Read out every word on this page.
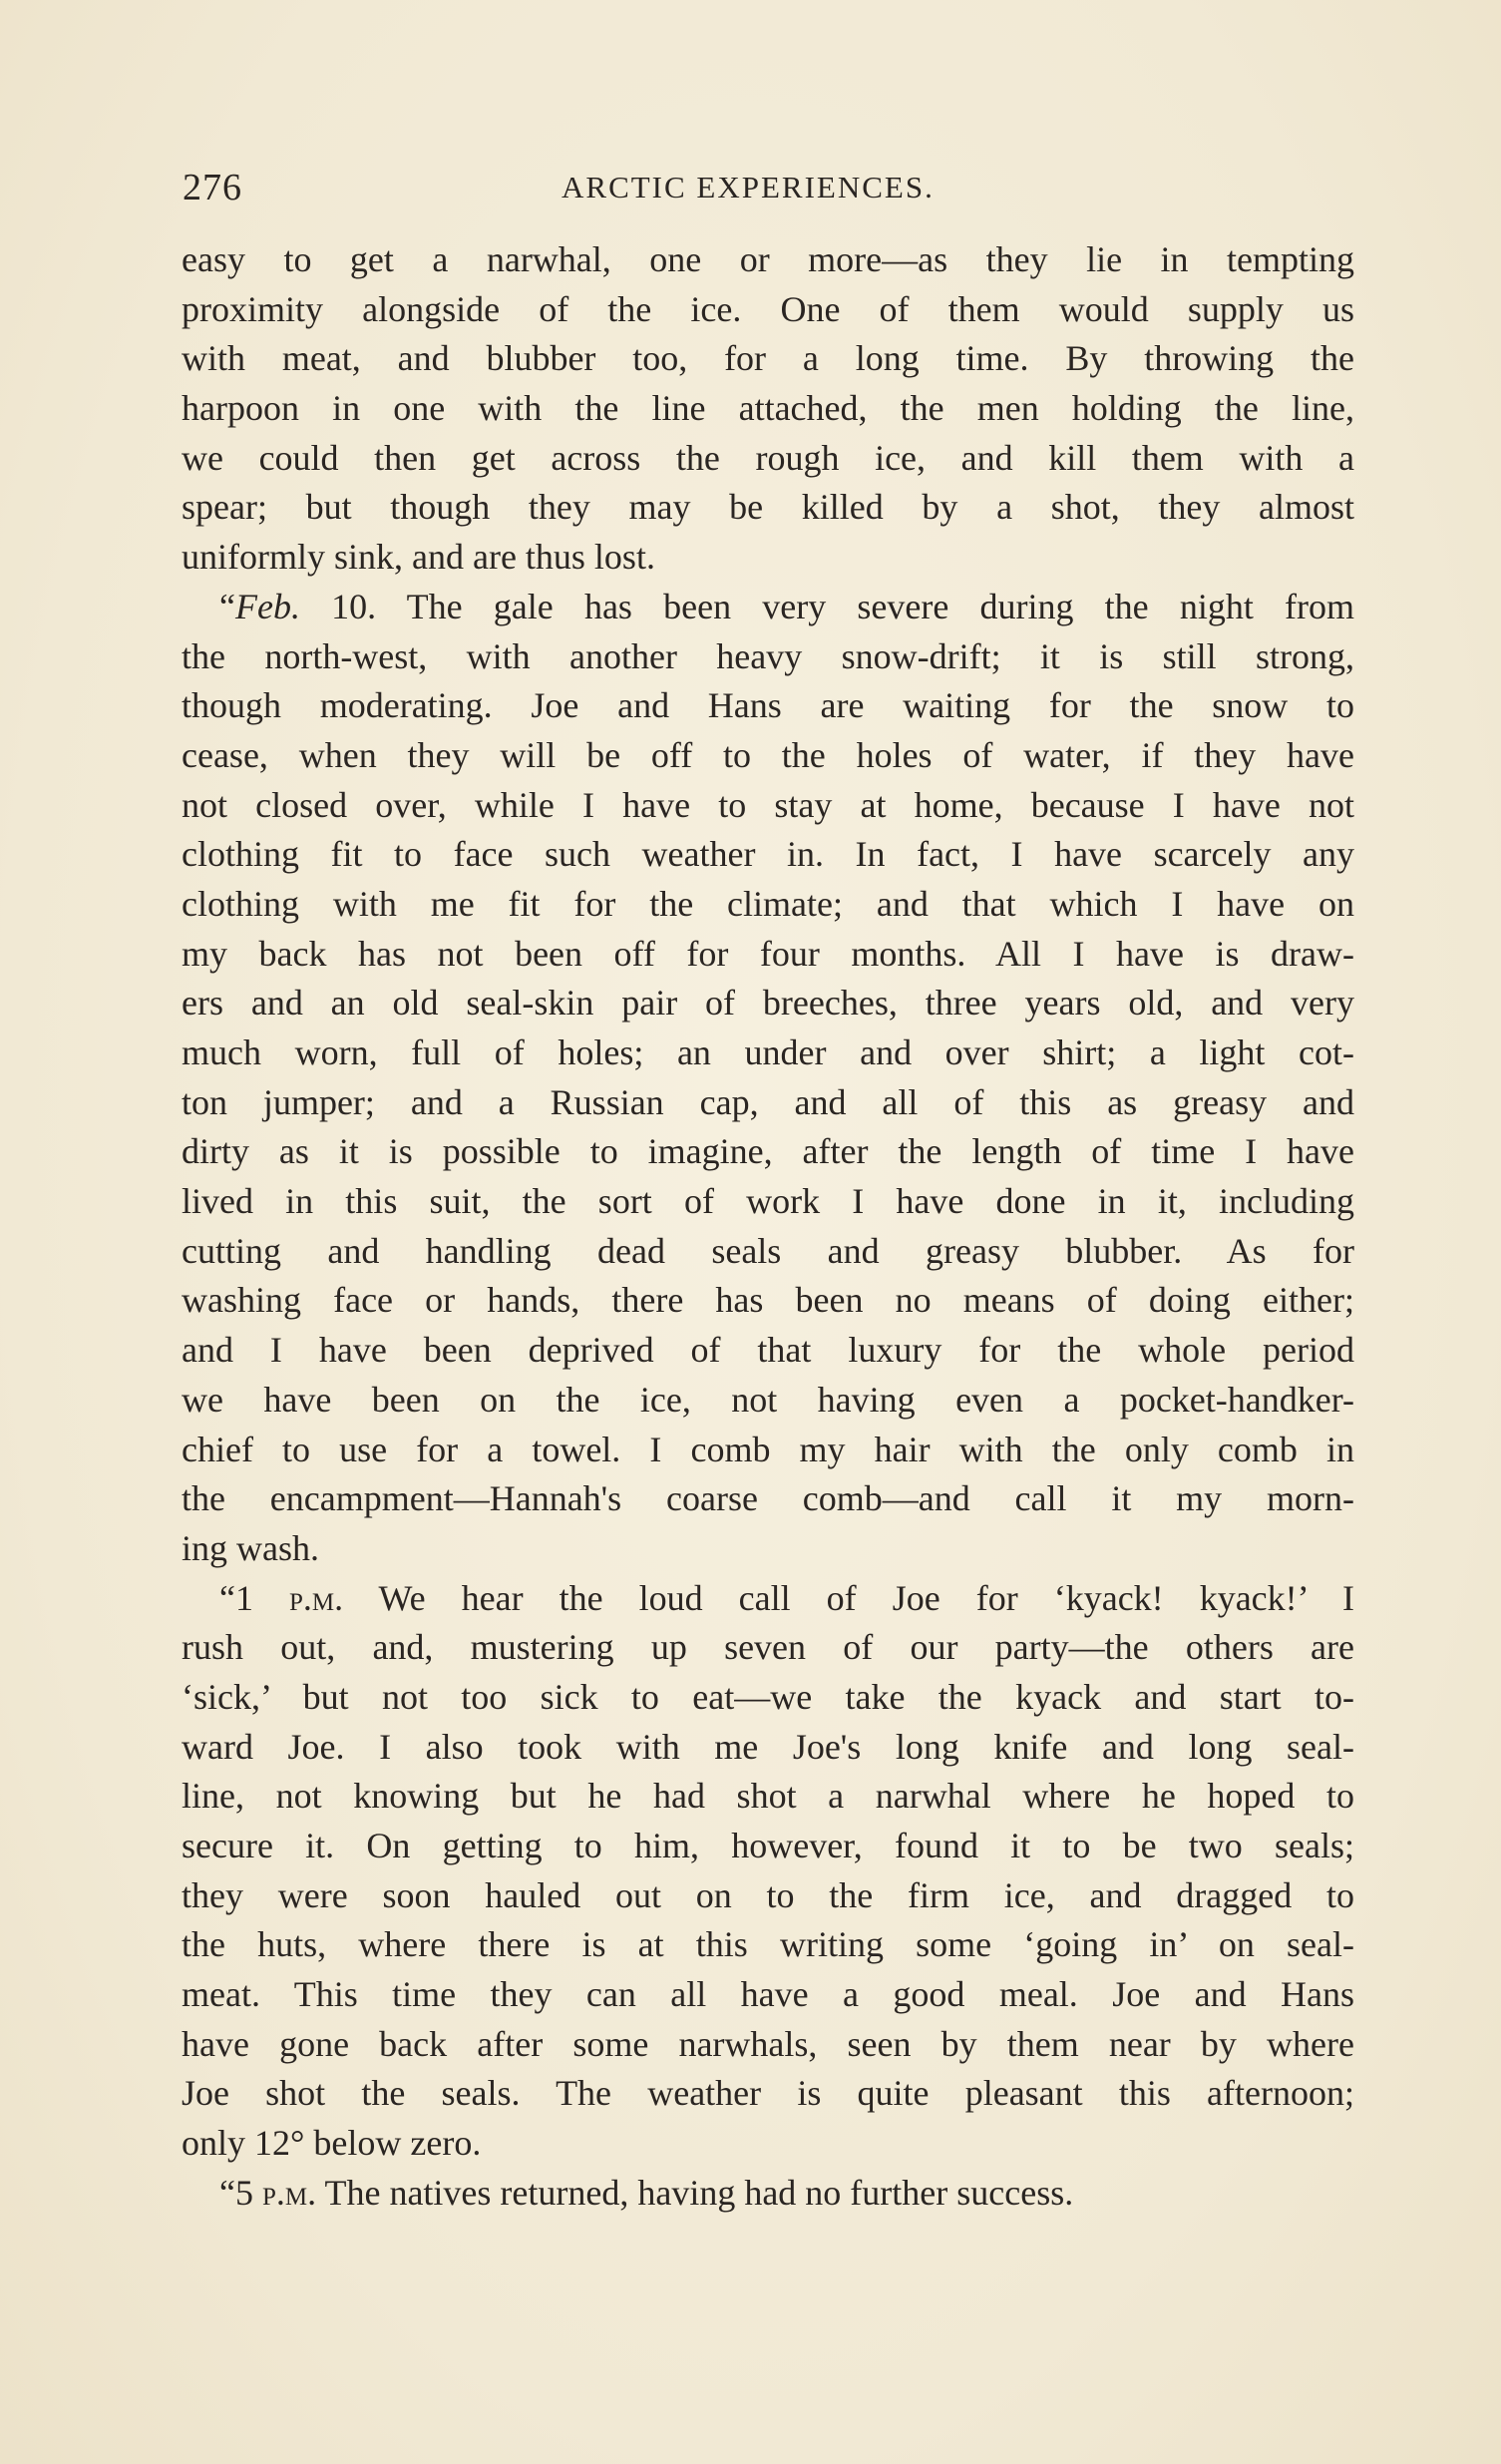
276	ARCTIC EXPERIENCES.
easy to get a narwhal, one or more—as they lie in tempting
proximity alongside of the ice. One of them would supply us
with meat, and blubber too, for a long time. By throwing the
harpoon in one with the line attached, the men holding the line,
we could then get across the rough ice, and kill them with a
spear; but though they may be killed by a shot, they almost
uniformly sink, and are thus lost.
“Feb. 10. The gale has been very severe during the night from
the north-west, with another heavy snow-drift; it is still strong,
though moderating. Joe and Hans are waiting for the snow to
cease, when they will be off to the holes of water, if they have
not closed over, while I have to stay at home, because I have not
clothing fit to face such weather in. In fact, I have scarcely any
clothing with me fit for the climate; and that which I have on
my back has not been off for four months. All I have is draw-
ers and an old seal-skin pair of breeches, three years old, and very
much worn, full of holes; an under and over shirt; a light cot-
ton jumper; and a Russian cap, and all of this as greasy and
dirty as it is possible to imagine, after the length of time I have
lived in this suit, the sort of work I have done in it, including
cutting and handling dead seals and greasy blubber. As for
washing face or hands, there has been no means of doing either;
and I have been deprived of that luxury for the whole period
we have been on the ice, not having even a pocket-handker-
chief to use for a towel. I comb my hair with the only comb in
the encampment—Hannah's coarse comb—and call it my morn-
ing wash.
“1 p.m. We hear the loud call of Joe for ‘kyack! kyack!’ I
rush out, and, mustering up seven of our party—the others are
‘sick,’ but not too sick to eat—we take the kyack and start to-
ward Joe. I also took with me Joe's long knife and long seal-
line, not knowing but he had shot a narwhal where he hoped to
secure it. On getting to him, however, found it to be two seals;
they were soon hauled out on to the firm ice, and dragged to
the huts, where there is at this writing some ‘going in’ on seal-
meat. This time they can all have a good meal. Joe and Hans
have gone back after some narwhals, seen by them near by where
Joe shot the seals. The weather is quite pleasant this afternoon;
only 12° below zero.
“5 p.m. The natives returned, having had no further success.
